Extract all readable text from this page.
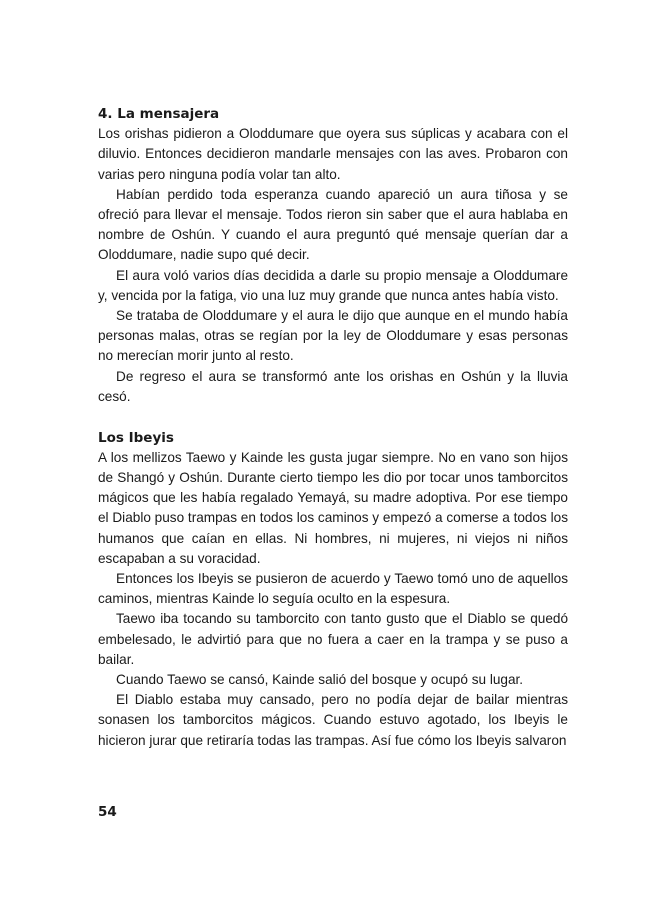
4. La mensajera

Los orishas pidieron a Oloddumare que oyera sus súplicas y acabara con el diluvio. Entonces decidieron mandarle mensajes con las aves. Probaron con varias pero ninguna podía volar tan alto.

Habían perdido toda esperanza cuando apareció un aura tiñosa y se ofreció para llevar el mensaje. Todos rieron sin saber que el aura hablaba en nombre de Oshún. Y cuando el aura preguntó qué mensaje querían dar a Oloddumare, nadie supo qué decir.

El aura voló varios días decidida a darle su propio mensaje a Oloddumare y, vencida por la fatiga, vio una luz muy grande que nunca antes había visto.

Se trataba de Oloddumare y el aura le dijo que aunque en el mundo había personas malas, otras se regían por la ley de Oloddumare y esas personas no merecían morir junto al resto.

De regreso el aura se transformó ante los orishas en Oshún y la lluvia cesó.

Los Ibeyis

A los mellizos Taewo y Kainde les gusta jugar siempre. No en vano son hijos de Shangó y Oshún. Durante cierto tiempo les dio por tocar unos tamborcitos mágicos que les había regalado Yemayá, su madre adoptiva. Por ese tiempo el Diablo puso trampas en todos los caminos y empezó a comerse a todos los humanos que caían en ellas. Ni hombres, ni mujeres, ni viejos ni niños escapaban a su voracidad.

Entonces los Ibeyis se pusieron de acuerdo y Taewo tomó uno de aquellos caminos, mientras Kainde lo seguía oculto en la espesura.

Taewo iba tocando su tamborcito con tanto gusto que el Diablo se quedó embelesado, le advirtió para que no fuera a caer en la trampa y se puso a bailar.

Cuando Taewo se cansó, Kainde salió del bosque y ocupó su lugar.

El Diablo estaba muy cansado, pero no podía dejar de bailar mientras sonasen los tamborcitos mágicos. Cuando estuvo agotado, los Ibeyis le hicieron jurar que retiraría todas las trampas. Así fue cómo los Ibeyis salvaron

54
